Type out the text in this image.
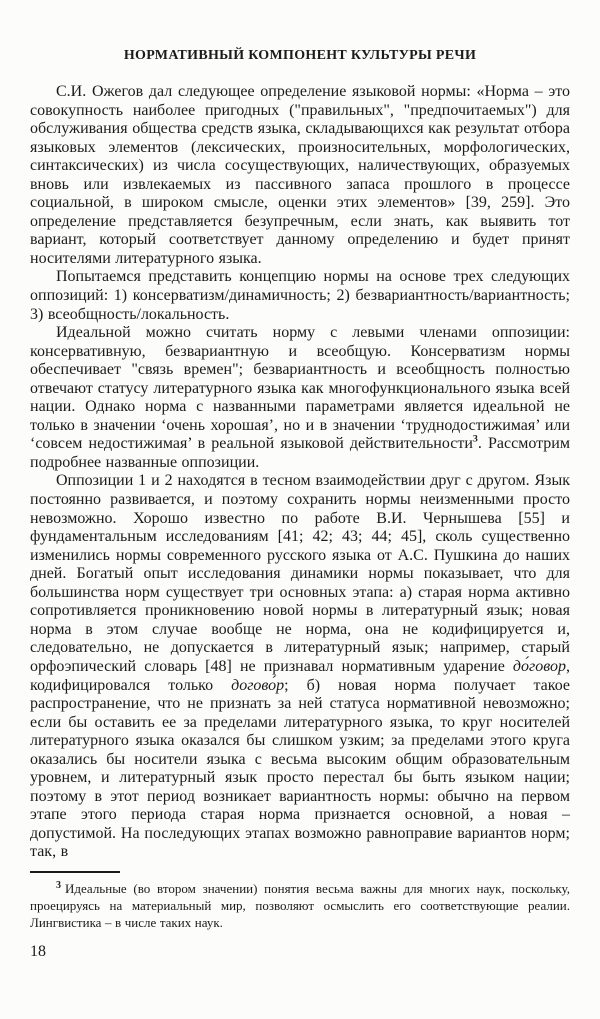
НОРМАТИВНЫЙ КОМПОНЕНТ КУЛЬТУРЫ РЕЧИ

С.И. Ожегов дал следующее определение языковой нормы: «Норма – это совокупность наиболее пригодных ("правильных", "предпочитаемых") для обслуживания общества средств языка, складывающихся как результат отбора языковых элементов (лексических, произносительных, морфологических, синтаксических) из числа сосуществующих, наличествующих, образуемых вновь или извлекаемых из пассивного запаса прошлого в процессе социальной, в широком смысле, оценки этих элементов» [39, 259]. Это определение представляется безупречным, если знать, как выявить тот вариант, который соответствует данному определению и будет принят носителями литературного языка.

Попытаемся представить концепцию нормы на основе трех следующих оппозиций: 1) консерватизм/динамичность; 2) безвариантность/вариантность; 3) всеобщность/локальность.

Идеальной можно считать норму с левыми членами оппозиции: консервативную, безвариантную и всеобщую. Консерватизм нормы обеспечивает "связь времен"; безвариантность и всеобщность полностью отвечают статусу литературного языка как многофункционального языка всей нации. Однако норма с названными параметрами является идеальной не только в значении ‘очень хорошая’, но и в значении ‘труднодостижимая’ или ‘совсем недостижимая’ в реальной языковой действительности$^3$. Рассмотрим подробнее названные оппозиции.

Оппозиции 1 и 2 находятся в тесном взаимодействии друг с другом. Язык постоянно развивается, и поэтому сохранить нормы неизменными просто невозможно. Хорошо известно по работе В.И. Чернышева [55] и фундаментальным исследованиям [41; 42; 43; 44; 45], сколь существенно изменились нормы современного русского языка от А.С. Пушкина до наших дней. Богатый опыт исследования динамики нормы показывает, что для большинства норм существует три основных этапа: а) старая норма активно сопротивляется проникновению новой нормы в литературный язык; новая норма в этом случае вообще не норма, она не кодифицируется и, следовательно, не допускается в литературный язык; например, старый орфоэпический словарь [48] не признавал нормативным ударение до́говор, кодифицировался только догово́р; б) новая норма получает такое распространение, что не признать за ней статуса нормативной невозможно; если бы оставить ее за пределами литературного языка, то круг носителей литературного языка оказался бы слишком узким; за пределами этого круга оказались бы носители языка с весьма высоким общим образовательным уровнем, и литературный язык просто перестал бы быть языком нации; поэтому в этот период возникает вариантность нормы: обычно на первом этапе этого периода старая норма признается основной, а новая – допустимой. На последующих этапах возможно равноправие вариантов норм; так, в

$^3$ Идеальные (во втором значении) понятия весьма важны для многих наук, поскольку, проецируясь на материальный мир, позволяют осмыслить его соответствующие реалии. Лингвистика – в числе таких наук.

18
